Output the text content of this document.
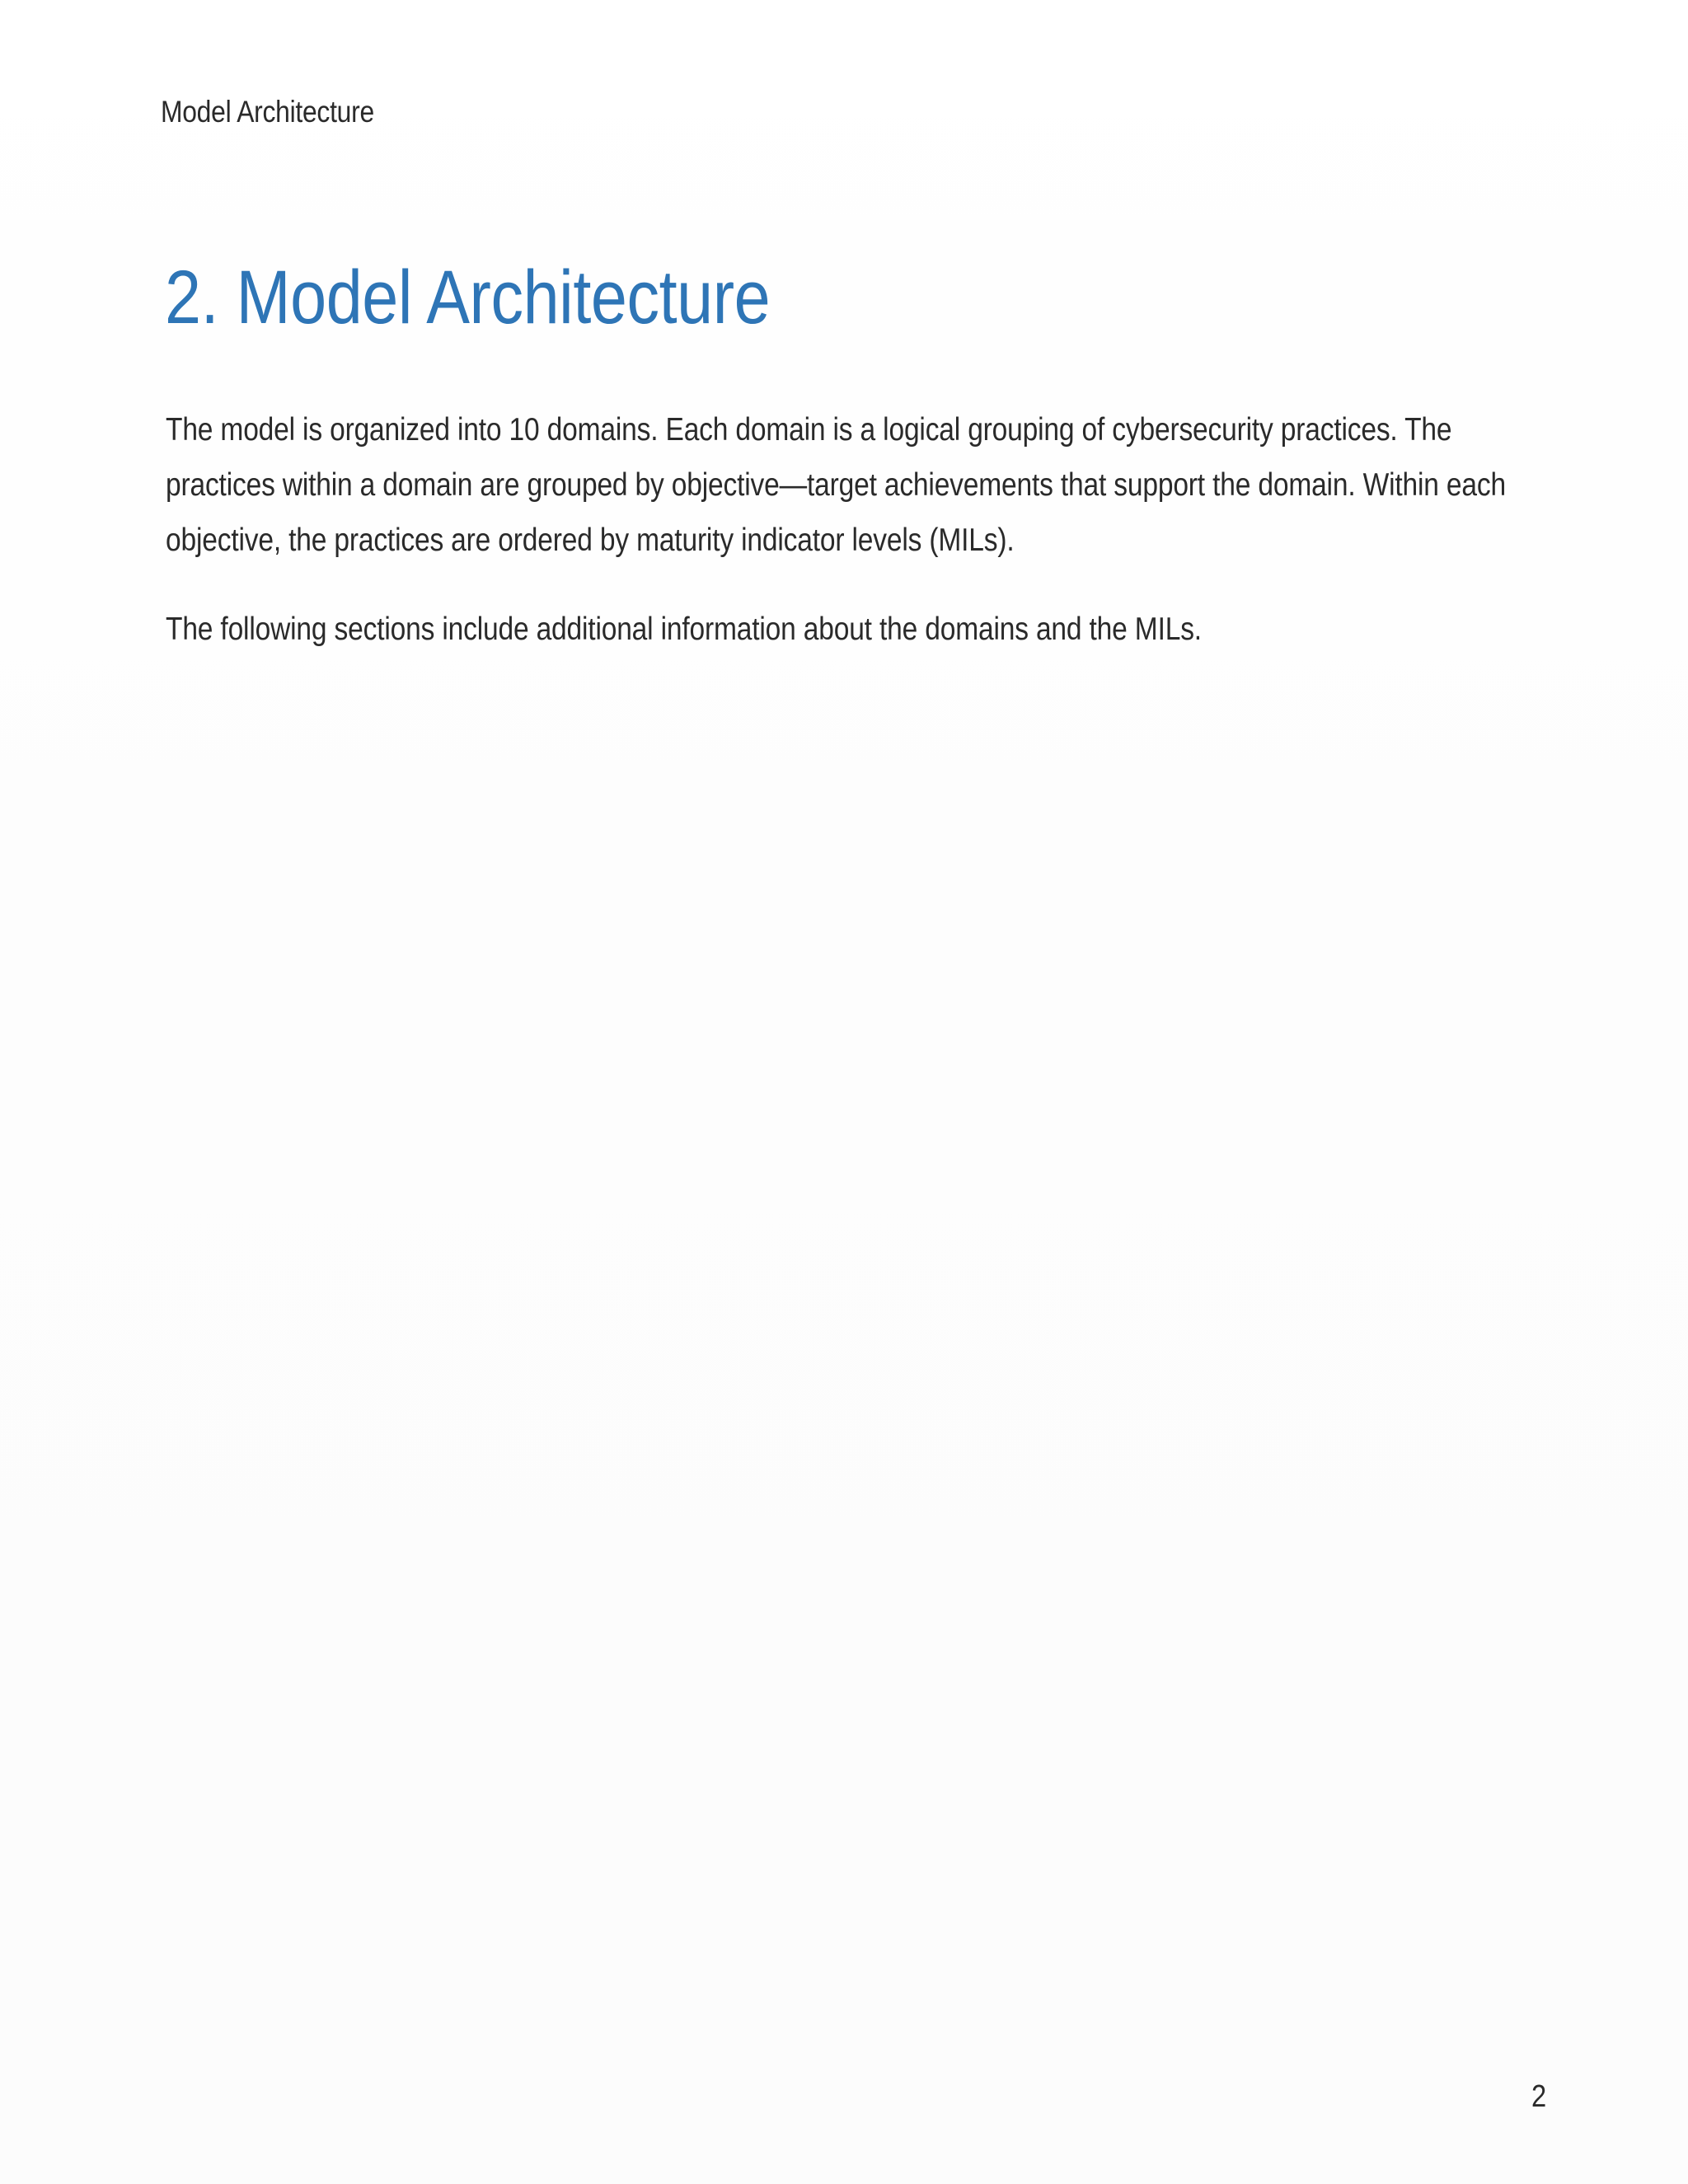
Model Architecture
2. Model Architecture

The model is organized into 10 domains. Each domain is a logical grouping of cybersecurity practices. The practices within a domain are grouped by objective—target achievements that support the domain. Within each objective, the practices are ordered by maturity indicator levels (MILs).

The following sections include additional information about the domains and the MILs.

2
